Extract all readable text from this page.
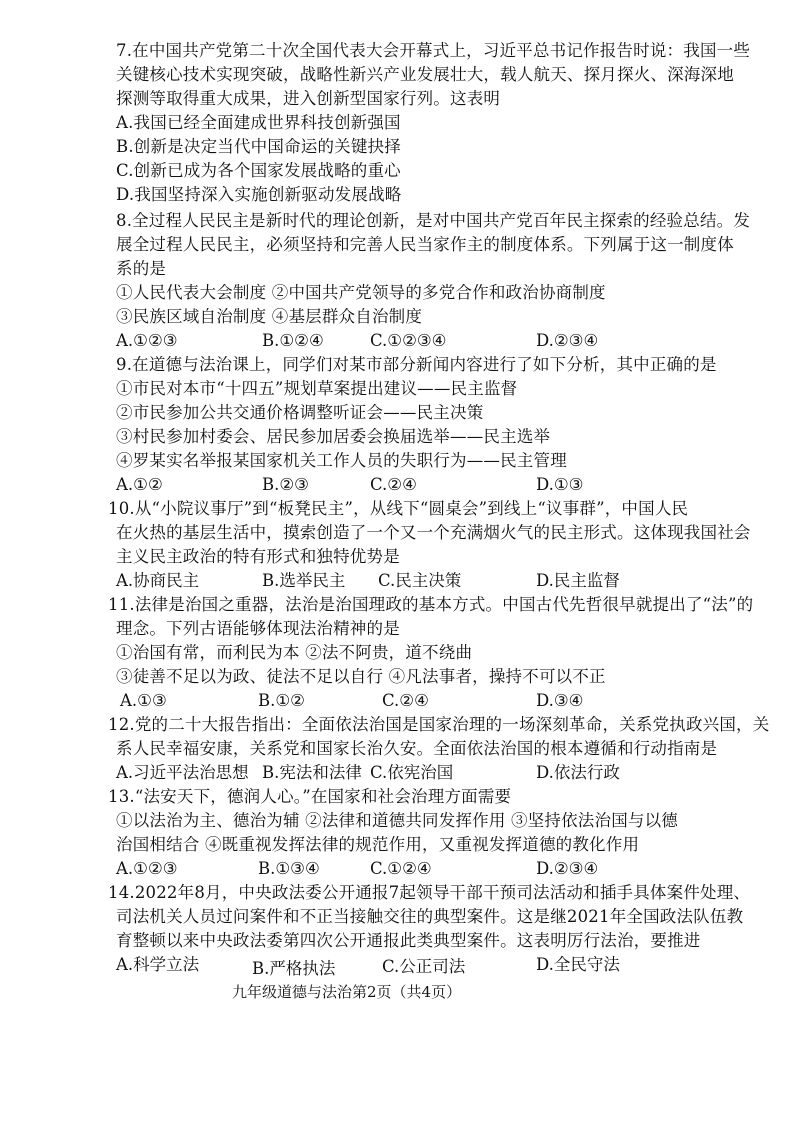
7.在中国共产党第二十次全国代表大会开幕式上，习近平总书记作报告时说：我国一些
关键核心技术实现突破，战略性新兴产业发展壮大，载人航天、探月探火、深海深地
探测等取得重大成果，进入创新型国家行列。这表明
A.我国已经全面建成世界科技创新强国
B.创新是决定当代中国命运的关键抉择
C.创新已成为各个国家发展战略的重心
D.我国坚持深入实施创新驱动发展战略
8.全过程人民民主是新时代的理论创新，是对中国共产党百年民主探索的经验总结。发
展全过程人民民主，必须坚持和完善人民当家作主的制度体系。下列属于这一制度体
系的是
①人民代表大会制度 ②中国共产党领导的多党合作和政治协商制度
③民族区域自治制度 ④基层群众自治制度
A.①②③	B.①②④	C.①②③④	D.②③④
9.在道德与法治课上，同学们对某市部分新闻内容进行了如下分析，其中正确的是
①市民对本市“十四五”规划草案提出建议——民主监督
②市民参加公共交通价格调整听证会——民主决策
③村民参加村委会、居民参加居委会换届选举——民主选举
④罗某实名举报某国家机关工作人员的失职行为——民主管理
A.①②	B.②③	C.②④	D.①③
10.从“小院议事厅”到“板凳民主”，从线下“圆桌会”到线上“议事群”，中国人民
在火热的基层生活中，摸索创造了一个又一个充满烟火气的民主形式。这体现我国社会
主义民主政治的特有形式和独特优势是
A.协商民主	B.选举民主 C.民主决策	D.民主监督
11.法律是治国之重器，法治是治国理政的基本方式。中国古代先哲很早就提出了“法”的
理念。下列古语能够体现法治精神的是
①治国有常，而利民为本 ②法不阿贵，道不绕曲
③徒善不足以为政、徒法不足以自行 ④凡法事者，操持不可以不正
A.①③	B.①②	C.②④	D.③④
12.党的二十大报告指出：全面依法治国是国家治理的一场深刻革命，关系党执政兴国，关
系人民幸福安康，关系党和国家长治久安。全面依法治国的根本遵循和行动指南是
A.习近平法治思想 B.宪法和法律 C.依宪治国	D.依法行政
13.“法安天下，德润人心。”在国家和社会治理方面需要
①以法治为主、德治为辅 ②法律和道德共同发挥作用 ③坚持依法治国与以德
治国相结合 ④既重视发挥法律的规范作用，又重视发挥道德的教化作用
A.①②③	B.①③④	C.①②④	D.②③④
14.2022年8月，中央政法委公开通报7起领导干部干预司法活动和插手具体案件处理、
司法机关人员过问案件和不正当接触交往的典型案件。这是继2021年全国政法队伍教
育整顿以来中央政法委第四次公开通报此类典型案件。这表明厉行法治，要推进
A.科学立法	B.严格执法	C.公正司法	D.全民守法
九年级道德与法治第2页（共4页）
